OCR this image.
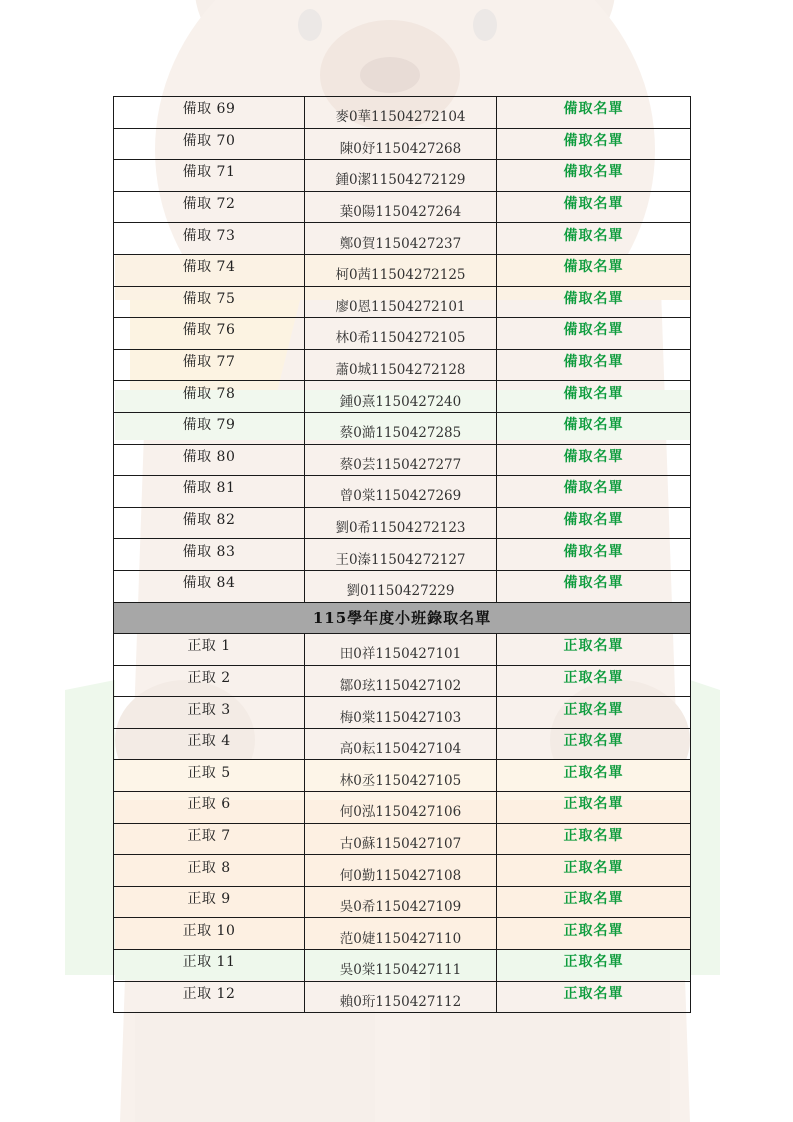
備取 69	麥0華11504272104	備取名單
備取 70	陳0妤1150427268	備取名單
備取 71	鍾0潔11504272129	備取名單
備取 72	葉0陽1150427264	備取名單
備取 73	鄭0賀1150427237	備取名單
備取 74	柯0茜11504272125	備取名單
備取 75	廖0恩11504272101	備取名單
備取 76	林0希11504272105	備取名單
備取 77	蕭0城11504272128	備取名單
備取 78	鍾0熹1150427240	備取名單
備取 79	蔡0澔1150427285	備取名單
備取 80	蔡0芸1150427277	備取名單
備取 81	曾0棠1150427269	備取名單
備取 82	劉0希11504272123	備取名單
備取 83	王0溱11504272127	備取名單
備取 84	劉01150427229	備取名單
115學年度小班錄取名單		
正取 1	田0祥1150427101	正取名單
正取 2	鄒0玹1150427102	正取名單
正取 3	梅0棠1150427103	正取名單
正取 4	高0耘1150427104	正取名單
正取 5	林0丞1150427105	正取名單
正取 6	何0泓1150427106	正取名單
正取 7	古0蘇1150427107	正取名單
正取 8	何0勤1150427108	正取名單
正取 9	吳0希1150427109	正取名單
正取 10	范0婕1150427110	正取名單
正取 11	吳0棠1150427111	正取名單
正取 12	賴0珩1150427112	正取名單
